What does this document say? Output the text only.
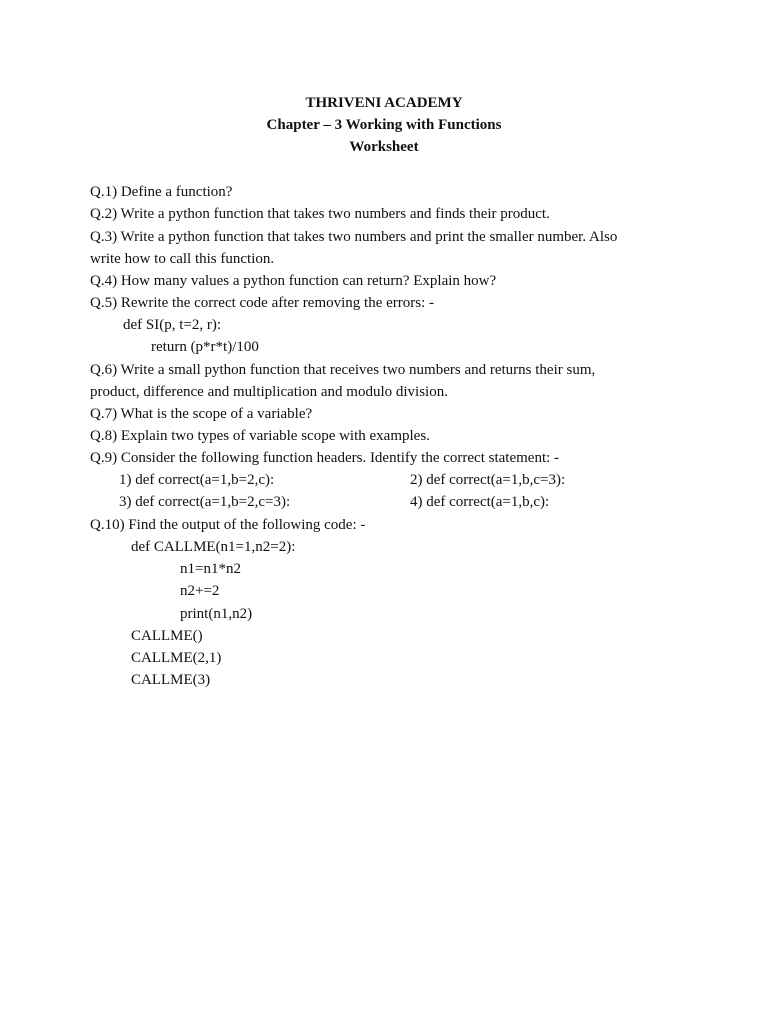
THRIVENI ACADEMY
Chapter – 3 Working with Functions
Worksheet
Q.1) Define a function?
Q.2) Write a python function that takes two numbers and finds their product.
Q.3) Write a python function that takes two numbers and print the smaller number. Also
write how to call this function.
Q.4) How many values a python function can return? Explain how?
Q.5) Rewrite the correct code after removing the errors: -
def SI(p, t=2, r):
return (p*r*t)/100
Q.6) Write a small python function that receives two numbers and returns their sum,
product, difference and multiplication and modulo division.
Q.7) What is the scope of a variable?
Q.8) Explain two types of variable scope with examples.
Q.9) Consider the following function headers. Identify the correct statement: -
1) def correct(a=1,b=2,c):	2) def correct(a=1,b,c=3):
3) def correct(a=1,b=2,c=3):	4) def correct(a=1,b,c):
Q.10) Find the output of the following code: -
def CALLME(n1=1,n2=2):
n1=n1*n2
n2+=2
print(n1,n2)
CALLME()
CALLME(2,1)
CALLME(3)
